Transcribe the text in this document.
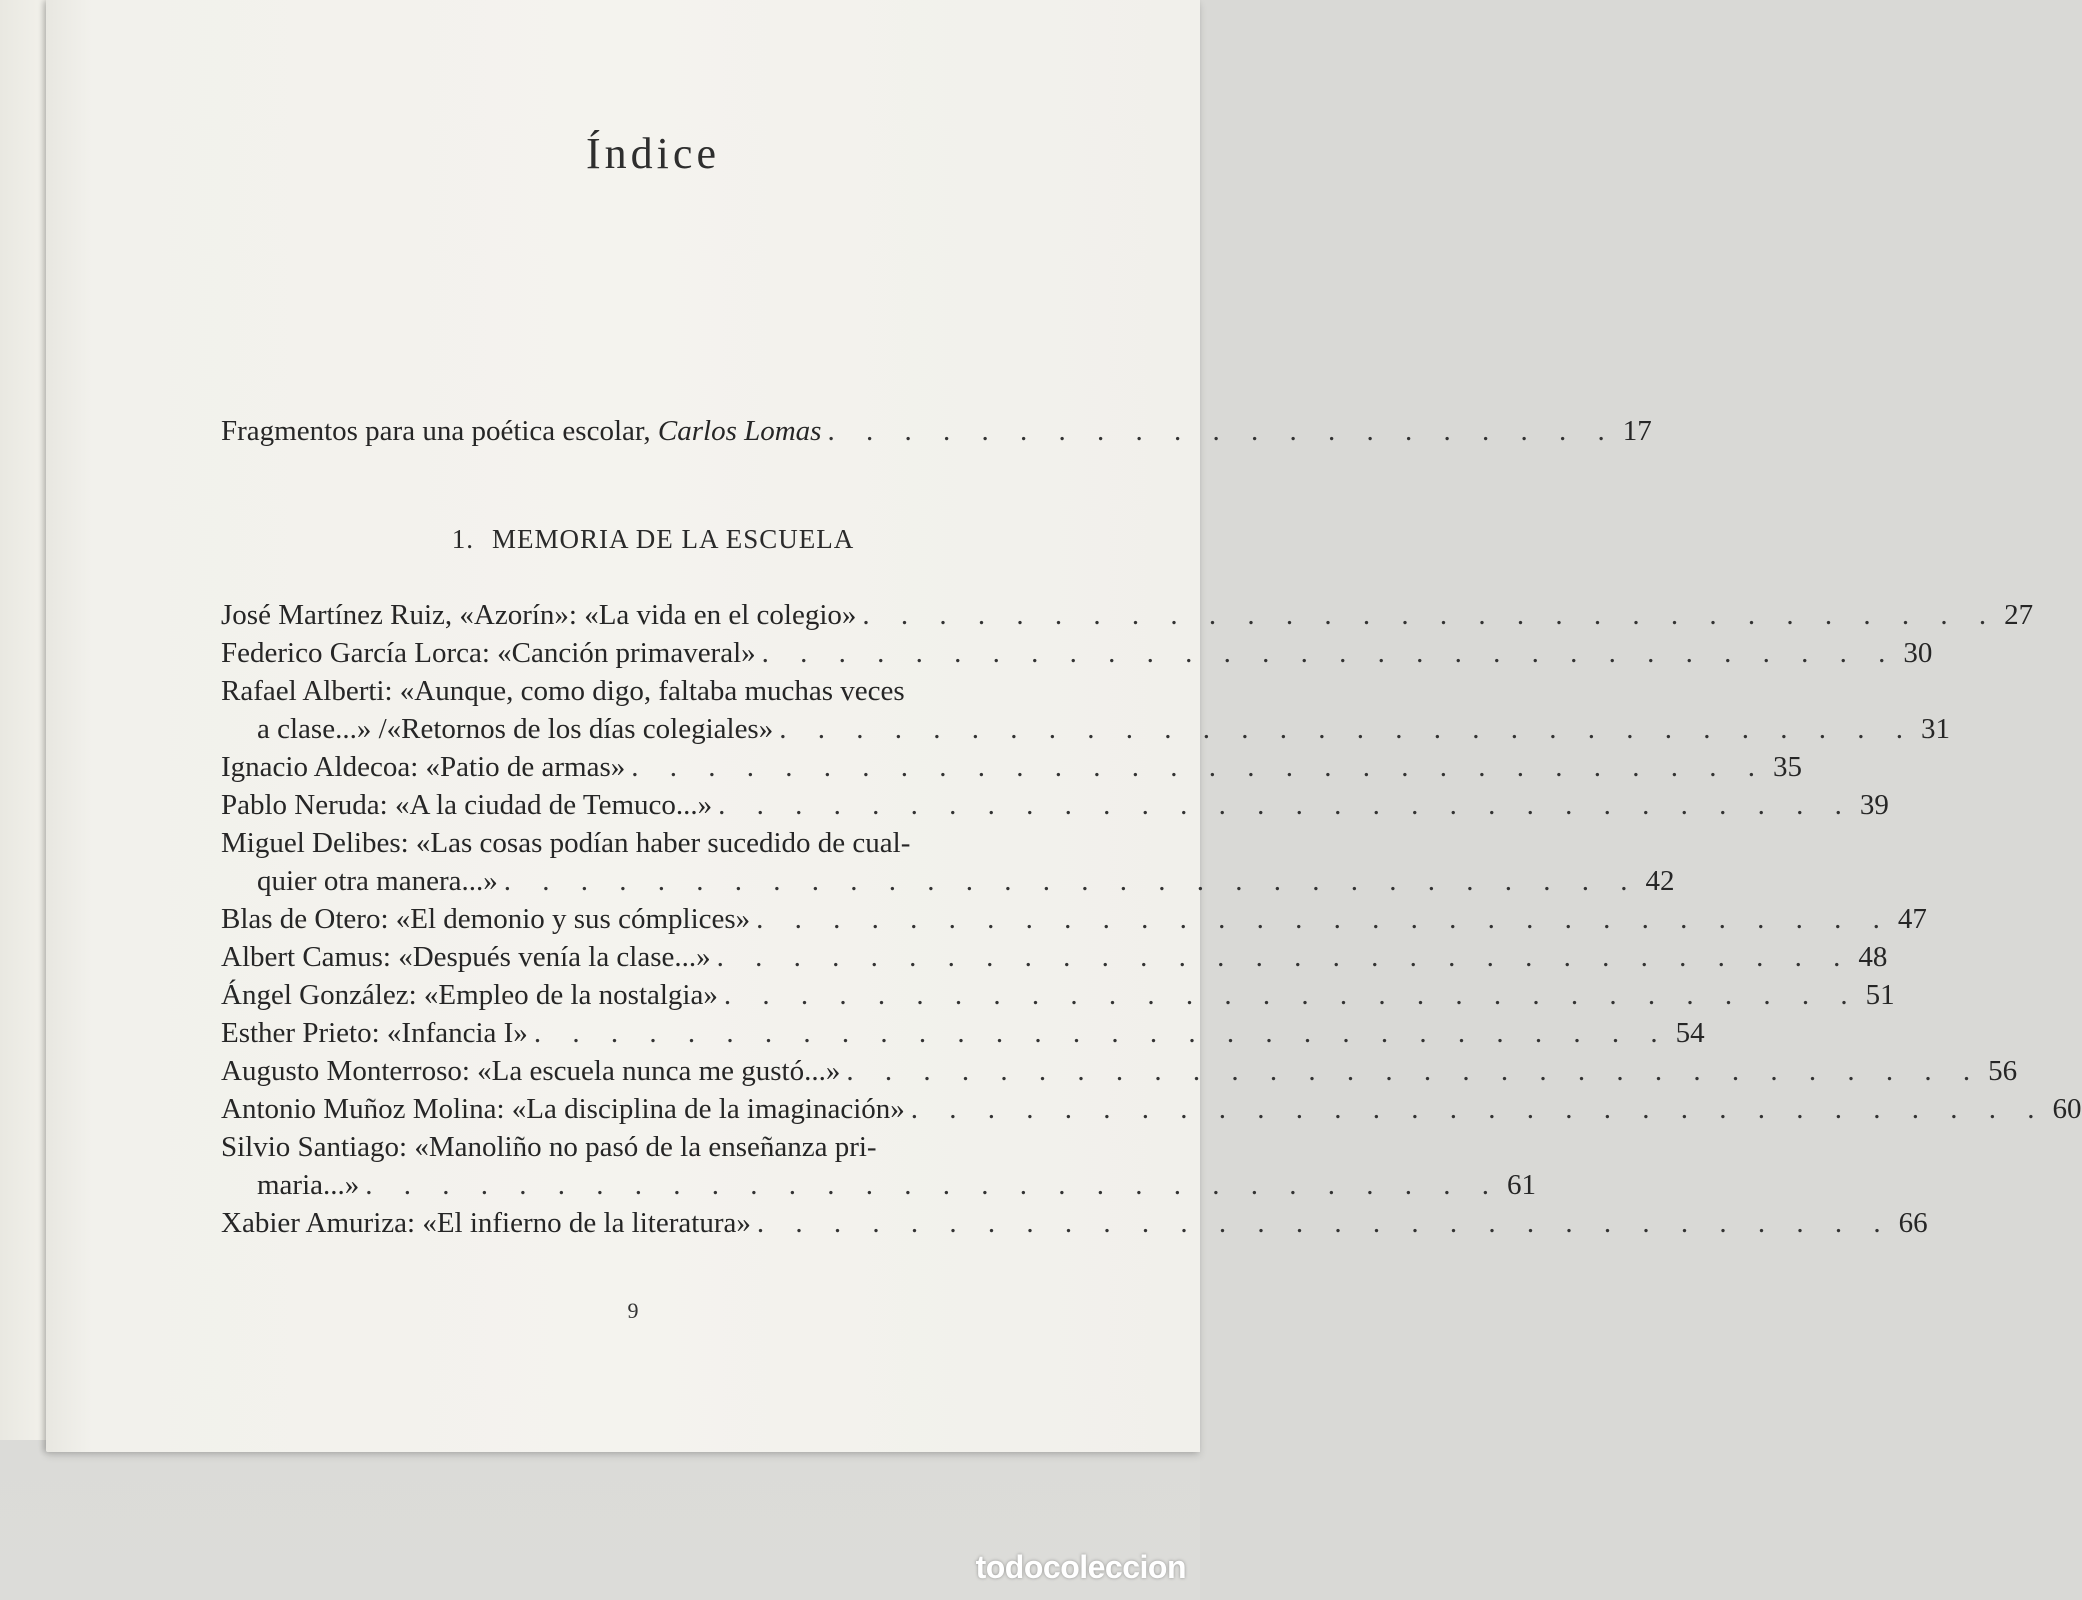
Índice
Fragmentos para una poética escolar, Carlos Lomas . . . . . . . . . . . . . . . . . . . . . 17
1. MEMORIA DE LA ESCUELA
José Martínez Ruiz, «Azorín»: «La vida en el colegio» . . . . . . . . . . . . . . . . . . . . . . . . . . . . . . 27
Federico García Lorca: «Canción primaveral» . . . . . . . . . . . . . . . . . . . . . . . . . . . . . . 30
Rafael Alberti: «Aunque, como digo, faltaba muchas veces
a clase...» /«Retornos de los días colegiales» . . . . . . . . . . . . . . . . . . . . . . . . . . . . . . 31
Ignacio Aldecoa: «Patio de armas» . . . . . . . . . . . . . . . . . . . . . . . . . . . . . . 35
Pablo Neruda: «A la ciudad de Temuco...» . . . . . . . . . . . . . . . . . . . . . . . . . . . . . . 39
Miguel Delibes: «Las cosas podían haber sucedido de cual-
quier otra manera...» . . . . . . . . . . . . . . . . . . . . . . . . . . . . . . 42
Blas de Otero: «El demonio y sus cómplices» . . . . . . . . . . . . . . . . . . . . . . . . . . . . . . 47
Albert Camus: «Después venía la clase...» . . . . . . . . . . . . . . . . . . . . . . . . . . . . . . 48
Ángel González: «Empleo de la nostalgia» . . . . . . . . . . . . . . . . . . . . . . . . . . . . . . 51
Esther Prieto: «Infancia I» . . . . . . . . . . . . . . . . . . . . . . . . . . . . . . 54
Augusto Monterroso: «La escuela nunca me gustó...» . . . . . . . . . . . . . . . . . . . . . . . . . . . . . . 56
Antonio Muñoz Molina: «La disciplina de la imaginación» . . . . . . . . . . . . . . . . . . . . . . . . . . . . . . 60
Silvio Santiago: «Manoliño no pasó de la enseñanza pri-
maria...» . . . . . . . . . . . . . . . . . . . . . . . . . . . . . . 61
Xabier Amuriza: «El infierno de la literatura» . . . . . . . . . . . . . . . . . . . . . . . . . . . . . . 66
9
todocoleccion
